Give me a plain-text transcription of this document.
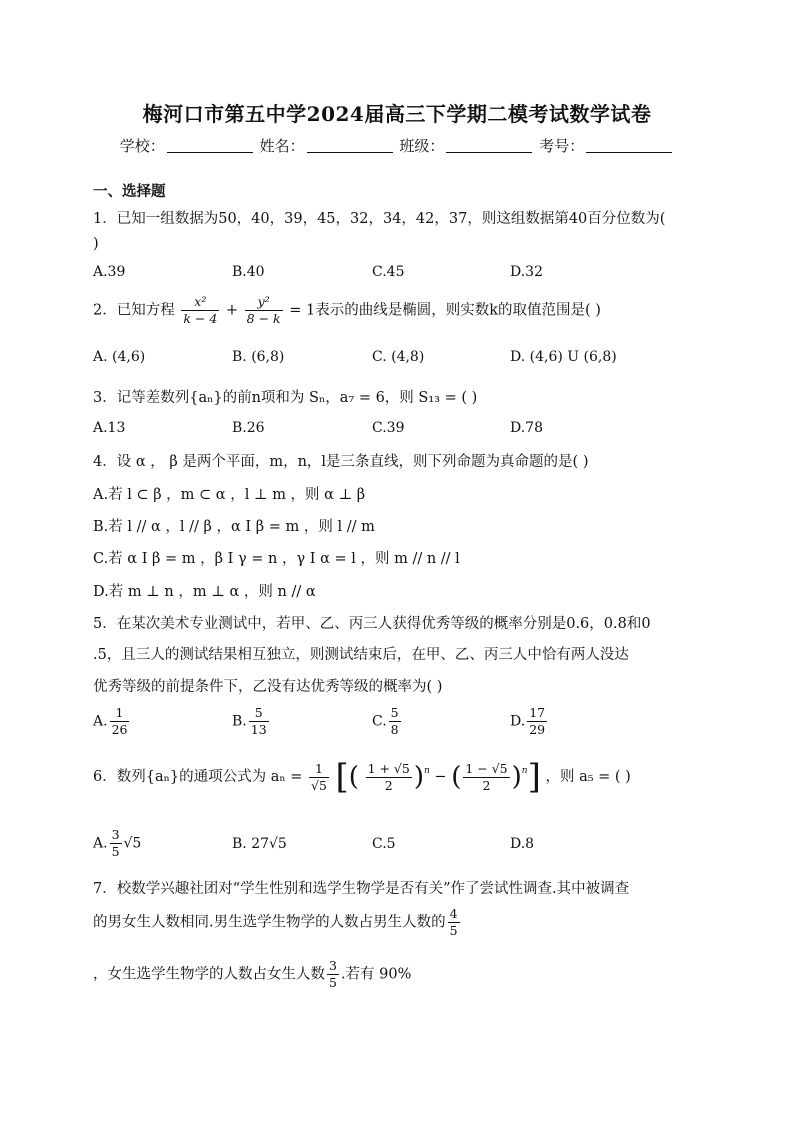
梅河口市第五中学2024届高三下学期二模考试数学试卷
学校：	姓名：	班级：	考号：
一、选择题
1．已知一组数据为50，40，39，45，32，34，42，37，则这组数据第40百分位数为(
)
A.39	B.40	C.45	D.32
2．已知方程 $\frac{\text{x²}}{k - 4} + \frac{\text{y²}}{8 - k} = 1$表示的曲线是椭圆，则实数k的取值范围是( )
A. (4,6)	B. (6,8)	C. (4,8)	D. (4,6) U (6,8)
3．记等差数列{aₙ}的前n项和为 Sₙ，a₇ = 6，则 S₁₃ = ( )
A.13	B.26	C.39	D.78
4．设 α ， β 是两个平面，m，n，l是三条直线，则下列命题为真命题的是( )
A.若 l ⊂ β ，m ⊂ α ，l ⊥ m ，则 α ⊥ β
B.若 l // α ，l // β ，α I β = m ，则 l // m
C.若 α I β = m ，β I γ = n ，γ I α = l ，则 m // n // l
D.若 m ⊥ n ，m ⊥ α ，则 n // α
5．在某次美术专业测试中，若甲、乙、丙三人获得优秀等级的概率分别是0.6，0.8和0
.5，且三人的测试结果相互独立，则测试结束后，在甲、乙、丙三人中恰有两人没达
优秀等级的前提条件下，乙没有达优秀等级的概率为( )
A. $\frac{1}{26}$	B. $\frac{5}{13}$	C. $\frac{5}{8}$	D. $\frac{17}{29}$
6．数列{aₙ}的通项公式为 $a_n = \frac{1}{√5}$ [( $\frac{1 + √5}{2} )^n$ − ( $\frac{1 - √5}{2} )^n$] ，则 a₅ = ( )
A. $\frac{3}{5} √5$	B. 27√5	C.5	D.8
7．校数学兴趣社团对“学生性别和选学生物学是否有关”作了尝试性调查.其中被调查
的男女生人数相同.男生选学生物学的人数占男生人数的 $\frac{4}{5}$
，女生选学生物学的人数占女生人数 $\frac{3}{5}$ .若有 90%
